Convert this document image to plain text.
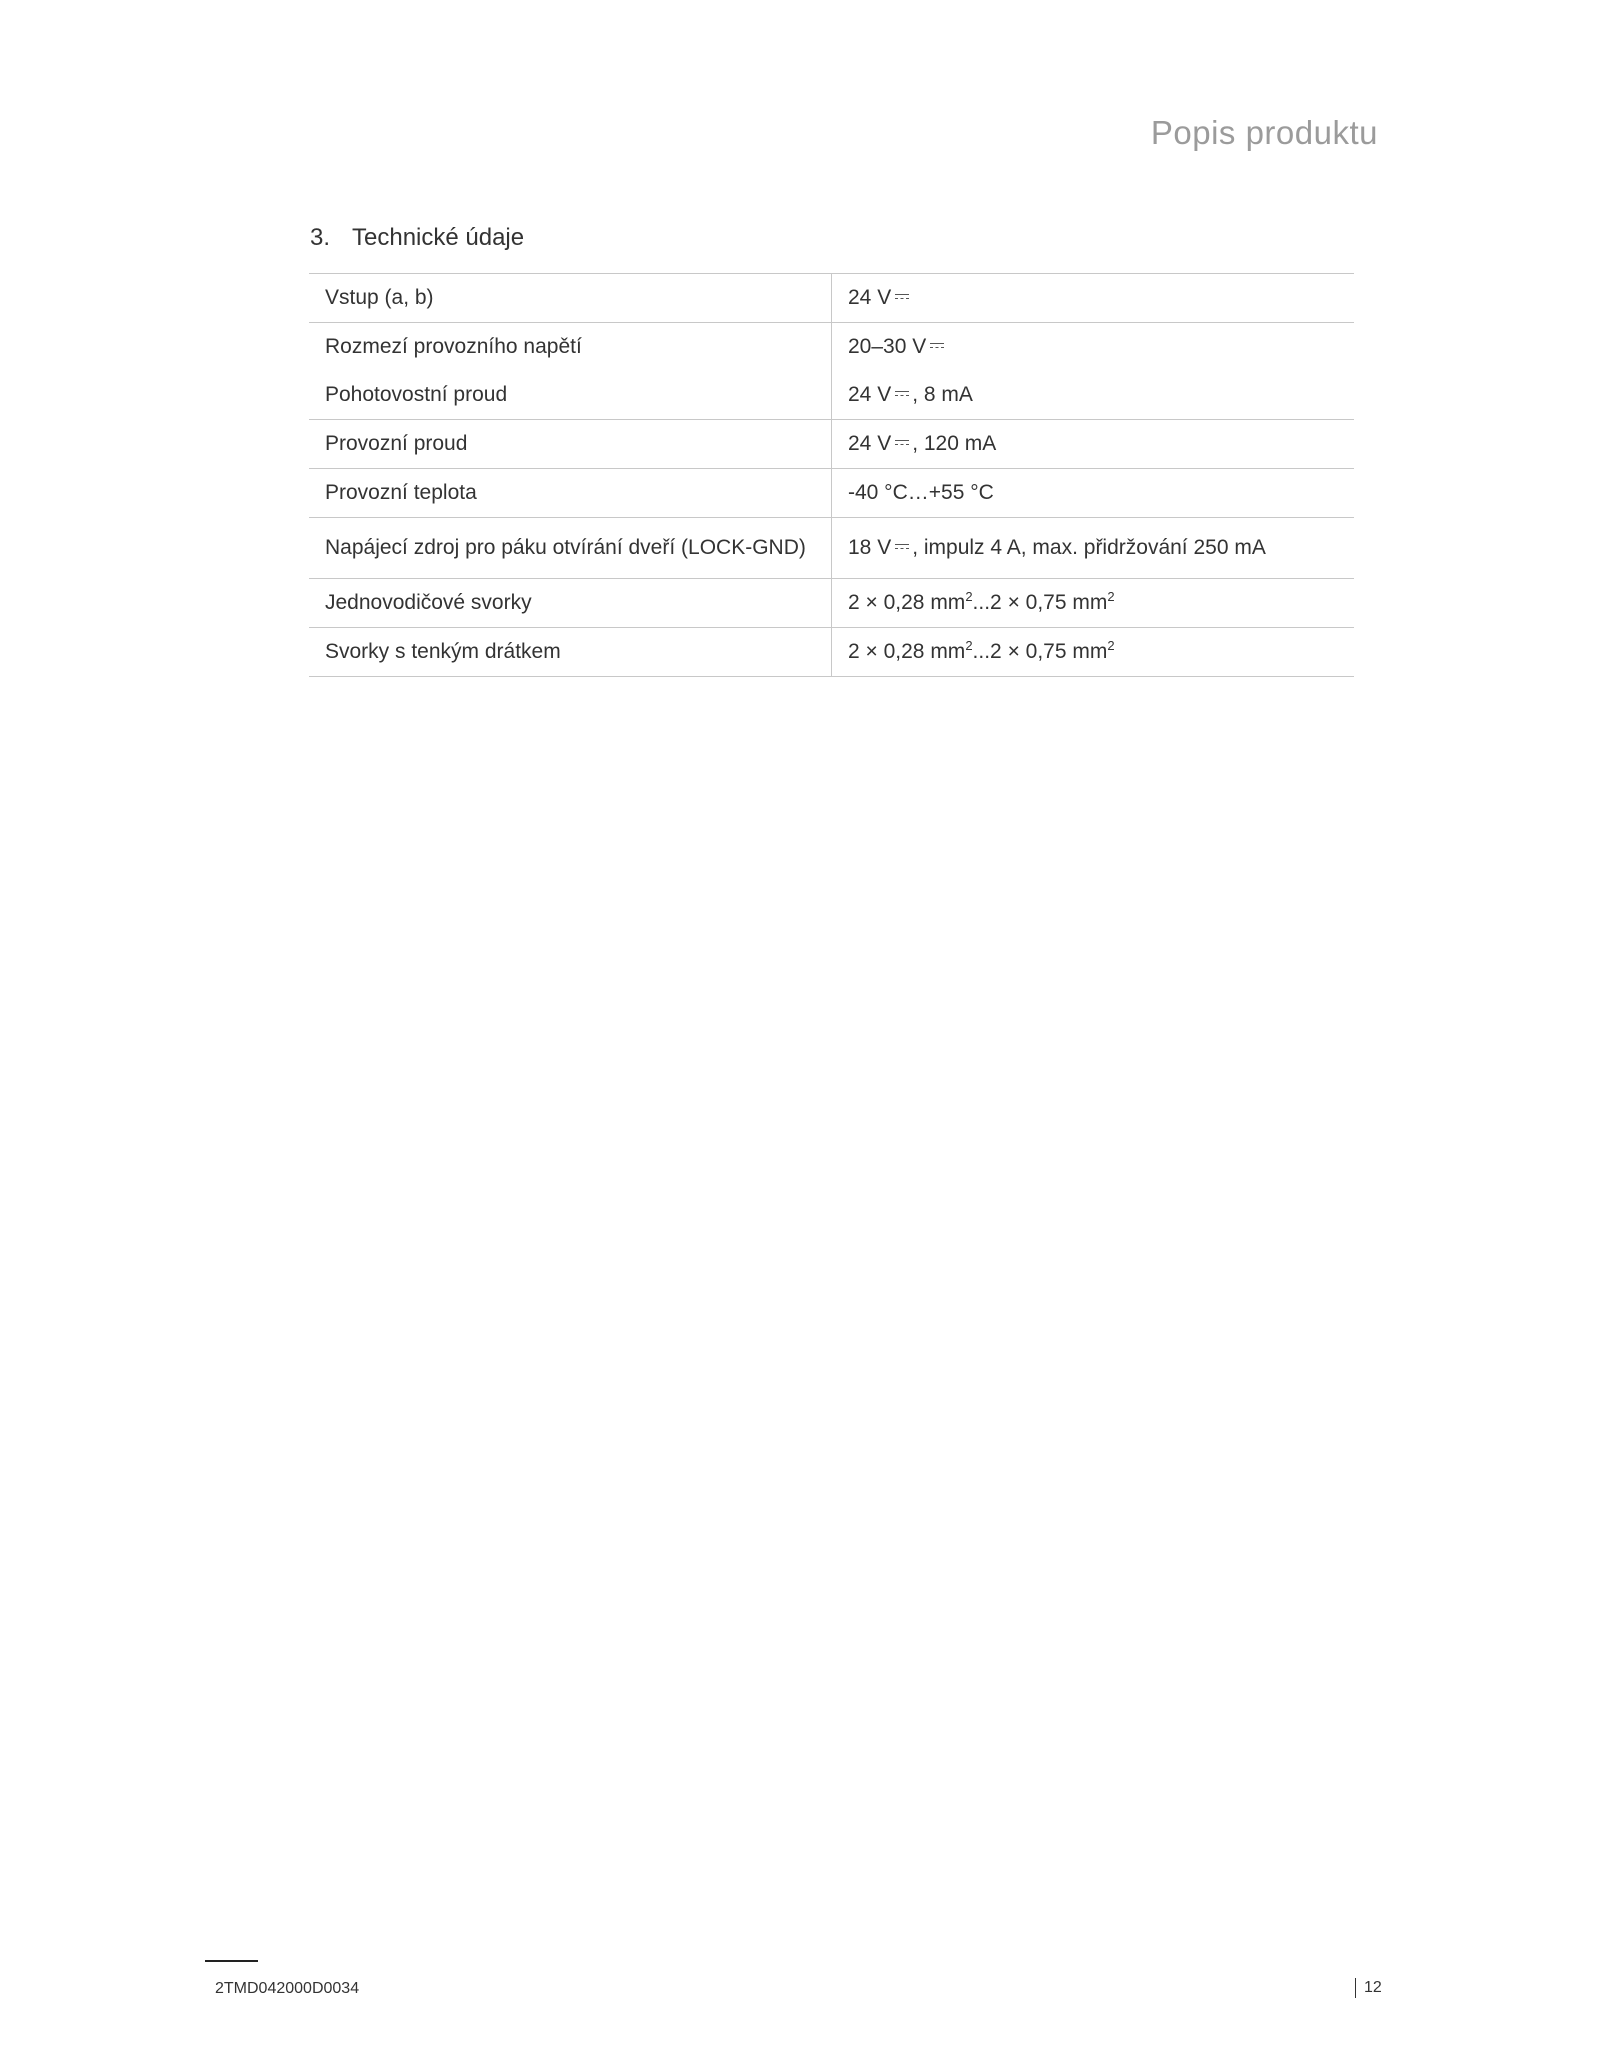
Popis produktu
3. Technické údaje
Vstup (a, b)	24 V
Rozmezí provozního napětí	20–30 V
Pohotovostní proud	24 V , 8 mA
Provozní proud	24 V , 120 mA
Provozní teplota	-40 °C…+55 °C
Napájecí zdroj pro páku otvírání dveří (LOCK-GND)	18 V , impulz 4 A, max. přidržování 250 mA
Jednovodičové svorky	2 × 0,28 $mm^2...2 \times 0,75$ $mm^2$
Svorky s tenkým drátkem	2 × 0,28 $mm^2...2 \times 0,75$ $mm^2$
2TMD042000D0034	12
